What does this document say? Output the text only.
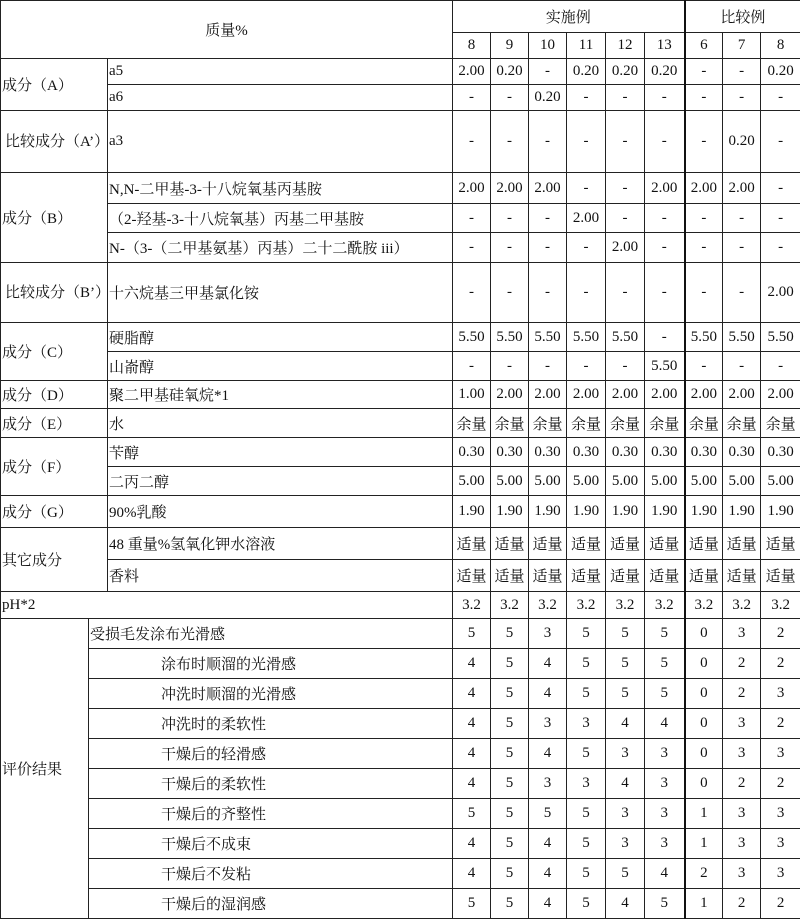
质量%	实施例	比较例
8	9	10	11	12	13	6	7	8
成分（A）	a5	2.00	0.20	-	0.20	0.20	0.20	-	-	0.20
a6	-	-	0.20	-	-	-	-	-	-
比较成分（A’）	a3	-	-	-	-	-	-	-	0.20	-
成分（B）	N,N-二甲基-3-十八烷氧基丙基胺	2.00	2.00	2.00	-	-	2.00	2.00	2.00	-
（2-羟基-3-十八烷氧基）丙基二甲基胺	-	-	-	2.00	-	-	-	-	-
N-（3-（二甲基氨基）丙基）二十二酰胺 iii）	-	-	-	-	2.00	-	-	-	-
比较成分（B’）	十六烷基三甲基氯化铵	-	-	-	-	-	-	-	-	2.00
成分（C）	硬脂醇	5.50	5.50	5.50	5.50	5.50	-	5.50	5.50	5.50
山嵛醇	-	-	-	-	-	5.50	-	-	-
成分（D）	聚二甲基硅氧烷*1	1.00	2.00	2.00	2.00	2.00	2.00	2.00	2.00	2.00
成分（E）	水	余量	余量	余量	余量	余量	余量	余量	余量	余量
成分（F）	苄醇	0.30	0.30	0.30	0.30	0.30	0.30	0.30	0.30	0.30
二丙二醇	5.00	5.00	5.00	5.00	5.00	5.00	5.00	5.00	5.00
成分（G）	90%乳酸	1.90	1.90	1.90	1.90	1.90	1.90	1.90	1.90	1.90
其它成分	48 重量%氢氧化钾水溶液	适量	适量	适量	适量	适量	适量	适量	适量	适量
香料	适量	适量	适量	适量	适量	适量	适量	适量	适量
pH*2	3.2	3.2	3.2	3.2	3.2	3.2	3.2	3.2	3.2
评价结果	受损毛发涂布光滑感	5	5	3	5	5	5	0	3	2
涂布时顺溜的光滑感	4	5	4	5	5	5	0	2	2
冲洗时顺溜的光滑感	4	5	4	5	5	5	0	2	3
冲洗时的柔软性	4	5	3	3	4	4	0	3	2
干燥后的轻滑感	4	5	4	5	3	3	0	3	3
干燥后的柔软性	4	5	3	3	4	3	0	2	2
干燥后的齐整性	5	5	5	5	3	3	1	3	3
干燥后不成束	4	5	4	5	3	3	1	3	3
干燥后不发粘	4	5	4	5	5	4	2	3	3
干燥后的湿润感	5	5	4	5	4	5	1	2	2
